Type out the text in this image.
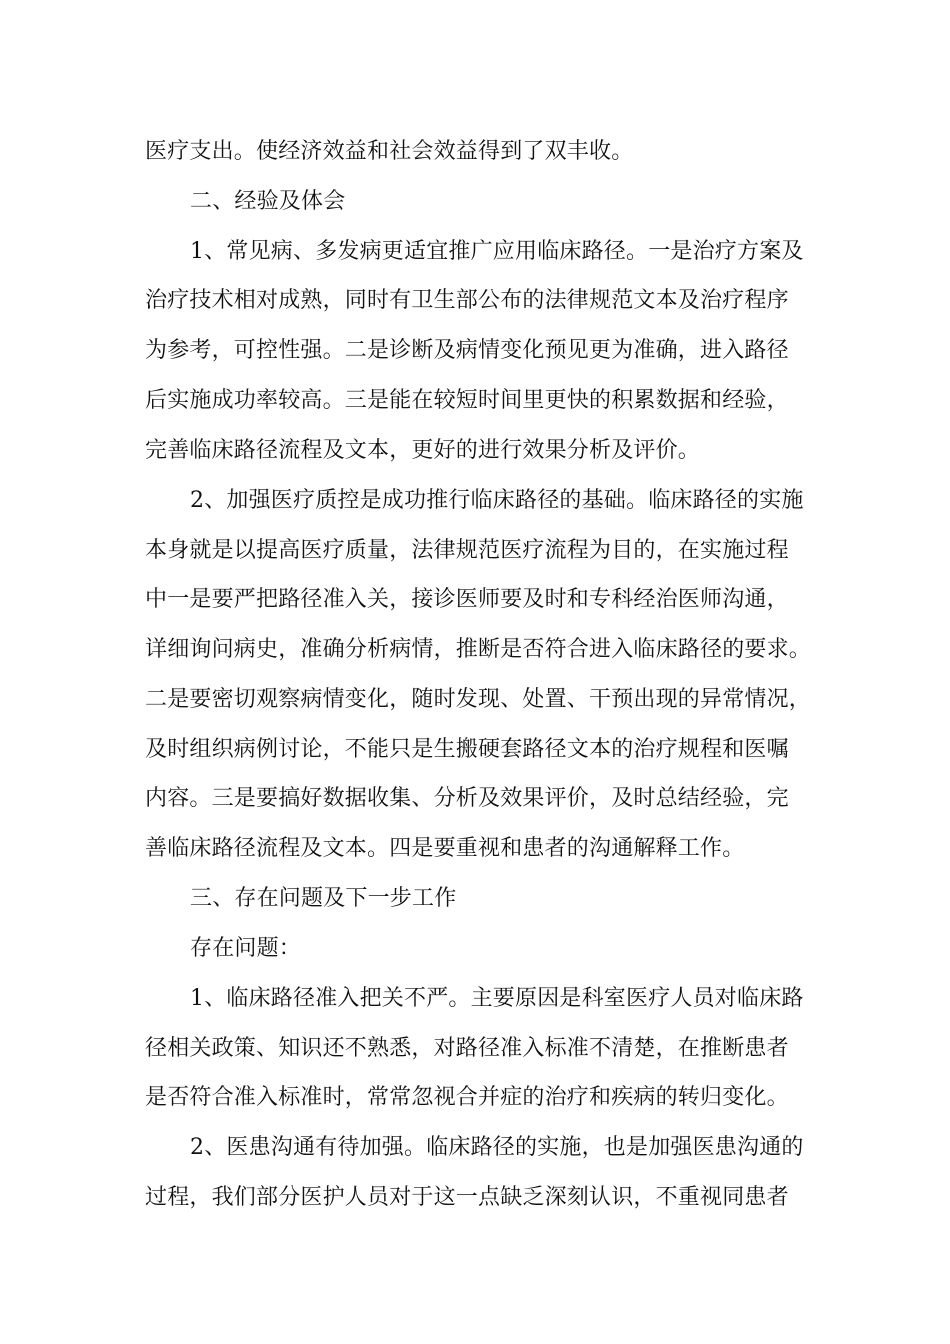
医疗支出。使经济效益和社会效益得到了双丰收。
二、经验及体会
1、常见病、多发病更适宜推广应用临床路径。一是治疗方案及
治疗技术相对成熟，同时有卫生部公布的法律规范文本及治疗程序
为参考，可控性强。二是诊断及病情变化预见更为准确，进入路径
后实施成功率较高。三是能在较短时间里更快的积累数据和经验，
完善临床路径流程及文本，更好的进行效果分析及评价。
2、加强医疗质控是成功推行临床路径的基础。临床路径的实施
本身就是以提高医疗质量，法律规范医疗流程为目的，在实施过程
中一是要严把路径准入关，接诊医师要及时和专科经治医师沟通，
详细询问病史，准确分析病情，推断是否符合进入临床路径的要求。
二是要密切观察病情变化，随时发现、处置、干预出现的异常情况，
及时组织病例讨论，不能只是生搬硬套路径文本的治疗规程和医嘱
内容。三是要搞好数据收集、分析及效果评价，及时总结经验，完
善临床路径流程及文本。四是要重视和患者的沟通解释工作。
三、存在问题及下一步工作
存在问题：
1、临床路径准入把关不严。主要原因是科室医疗人员对临床路
径相关政策、知识还不熟悉，对路径准入标准不清楚，在推断患者
是否符合准入标准时，常常忽视合并症的治疗和疾病的转归变化。
2、医患沟通有待加强。临床路径的实施，也是加强医患沟通的
过程，我们部分医护人员对于这一点缺乏深刻认识，不重视同患者
